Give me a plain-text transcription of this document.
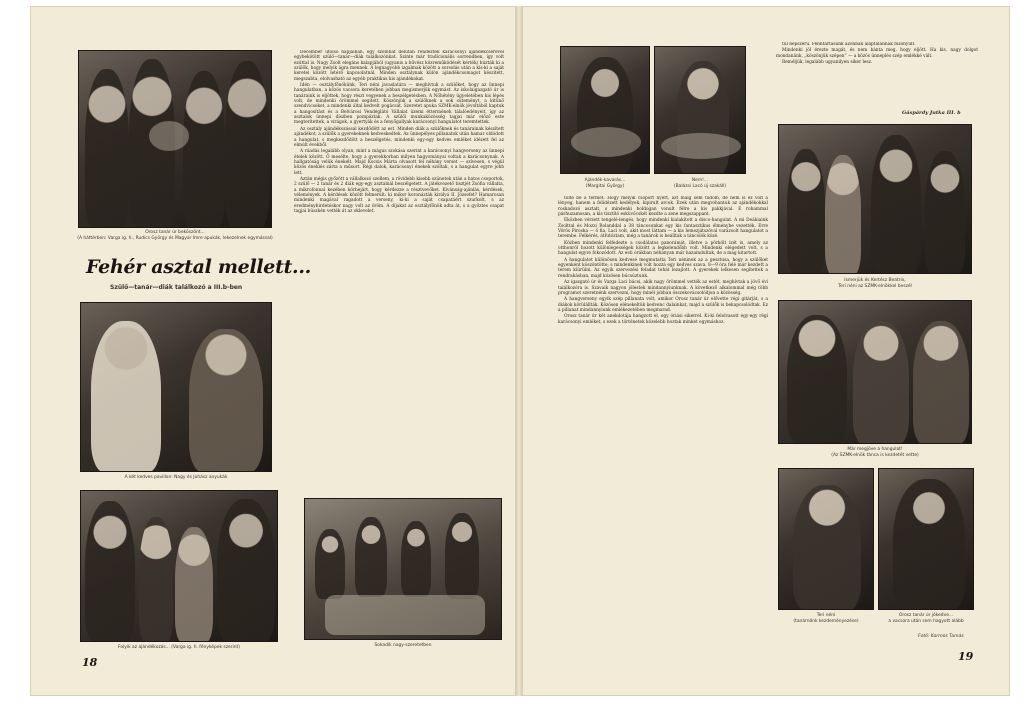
Orosz tanár úr beköszönt...
(A háttérben: Varga ig. h., Rudics György és Magyar Imre apukák, lekezelnek egymással)
Fehér asztal mellett...
Szülő—tanár—diák találkozó a III.b-ben
A két kedves pavillon: Nagy és Juhász anyukák
Folyik az ajándékozás... (Varga ig. h. fényképek szerint)	Sokadik nagy-szeretetben

December utolsó napjaiban, egy szombat délután rendezték karácsonyi ajándékcserével egybekötött szülő—tanár—diák találkozónkat. Szinte már tradícionális sorrendben, így volt ezúttal is. Nagy Zsolt elegáns kalapjából (ugyanis a bűvész közreműködését kérték) húzták ki a szülők, hogy melyik ágra mennek. A legnagyobb izgalmak között a sorsolás után a kis-ki a saját keretei között letérő kapcsolatnál. Minden osztálynak külön ajándékcsomagot készített, megszabta, elolvasható az egyéb praktikus kis ajándékokat.

Idén — osztályfőnökünk, Teri néni javaslatára — meghívtuk a szülőket, hogy az ünnepi hangulatban, a közös vacsora keretében jobban megismerjük egymást. Az iskolaigazgató úr is tanáraink is eljöttek, hogy részt vegyenek a beszélgetésben. A Nőhétény ügyeletében kis lépés volt, de mindenki örömmel segített. Köszönjük a szülőknek a sok süteményt, a kitűnő szendvicseket, a mindenki által kedvelt pogácsát. Szeretet apuka SZMK-elnök jóvoltából kaptuk a hangosítást és a Belvárosi Vendéglátó Vállalat üzemi éttermének tálalóedényeit, így az asztalok ünnepi díszben pompáztak. A szülői munkaközösség tagjai már előző este megterítettek, a virágok, a gyertyák és a fenyőgallyak karácsonyi hangulatot teremtettek.

Az osztály ajándékozással kezdődött az est. Minden diák a szülőknek és tanárainak készített ajándékot, a szülők a gyerekeknek kedveskedtek. Az ünnepélyes pillanatok után hamar oldódott a hangulat, s megkezdődött a beszélgetés, mindenki egy-egy kedves emléket idézett fel az elmúlt évekből.

A ráadás legalább olyan, mint a mágus szokása szerint a karácsonyi hangverseny az ünnepi ételek között. Ő mesélte, hogy a gyerekkorban milyen hagyományai voltak a karácsonynak. A hallgatóság velük énekelt. Majd Kocsis Márta olvasott fel néhány verset — szívesen, s végül közös éneklés zárta a műsort. Régi dalok, karácsonyi énekek szóltak, s a hangulat egyre jobb lett.

Aztán mégis győzött a vállalkozó szellem, a rövidebb kisebb szünetek után a hatos csoportok, 2 szülő — 2 tanár és 2 diák egy-egy asztalnál beszélgetett. A játékvezető tisztjét Zsófia vállalta, a mikrofonnal kezében körbejárt, hogy kérdezze a résztvevőket. Kívánság-ajánlás, kérdések, vélemények. A kérdések között felmerült: ki mikor koronázták királyá II. Józsefet? Hamarosan mindenki magával ragadott a verseny, ki-ki a saját csapatáért szurkolt, s az eredményhirdetéskor nagy volt az öröm. A díjakat az osztályfőnök adta át, s a győztes csapat tagjai büszkén vették át az oklevelet.

18
Ajándék-kavarás...
(Margitai György)
Nem!...
(Balázsi Lacó új szakáll)

túl népszerű. Fenntartásunk azonban alaptalannak bizonyult.

Mindenki jól érezte magát, és nem bánta meg, hogy eljött. Ha kis, nagy dolgot mondanánk, „köszönjük szépen” — a közös ünneplés szép emlékké vált.

Reméljük, legalább ugyanilyen siker lesz.

Gáspárdy Jutka III. b
Ismerjük és Kertész Beatrix,
Teri néni az SZMK-elnökkel beszél
Már megjöve a hangulat!
(Az SZMK-elnök tánca is kezdetét vette)
Teri néni
(tanárnőnk kezdeményezése)
Orosz tanár úr jókedve...
a vacsora után sem hagyott alább
Fotó: Kormos Tamás

tölte be a termet. Hogy melyik csoport nyert, azt máig sem tudom, de nem is ez volt a lényeg, hanem a felidézett kedélyek, kipirult arcok. Ezek után megrohantuk az ajándékokkal roskadozó asztalt, s mindenki boldogan vonult félre a kis pakkjával. E rohammal párhuzamosan, a kis tisztító esküvőcskét kezdte a zene megszappant.

Eközben vérzett tengelé-lengés, hogy mindenki kialakított a disco-hangulat. A mi Deákiaink Zsolttal és Mozzi Rolanddal a 38 táncosunkat egy kis fantasztikus élménybe vezették. Erre Vörös Piroska — ő fia, Laci volt, akit most láttam — a kis lemezjátszóval varázsolt hangulatot a terembe. Felkérés, átfutóztam, még a tanárok is beálltak a táncolók közé.

Közben mindenki felfedezte a csodálatos panorámát, illetve a pörkölt ízét is, amely az otthonról hozott különlegességek között a legkelendőbb volt. Mindenki elégedett volt, s a hangulat egyre fokozódott. Az esti órákban néhányan már hazaindultak, de a mag kitartott.

A hangulatot különösen kedvesé megmutatta Teri néninek az a gesztusa, hogy a szülőket egyenként köszöntötte, s mindenkinek volt hozzá egy kedves szava. 8—9 óra felé már kezdett a terem kiürülni. Az egyik szervezési feladat tehát lezajlott. A gyerekek lelkesen segítettek a rendrakásban, majd közösen búcsúztunk.

Az igazgató úr és Varga Laci bácsi, akik nagy örömmel vették az estét, meghívtak a jövő évi találkozóra is. Szavaik nagyon jólestek mindannyiunknak. A következő alkalommal még több programot szeretnénk szervezni, hogy minél jobban összekovácsolódjon a közösség.

A hangverseny egyik szép pillanata volt, amikor Orosz tanár úr elővette régi gitárját, s a diákok körülállták. Közösen elénekeltük kedvenc dalainkat, majd a szülők is bekapcsolódtak. Ez a pillanat mindannyiunk emlékezetében megmarad.

Orosz tanár úr két anekdotája hangzott el, egy óriási sikerrel. Ki-ki felolvasott egy-egy régi karácsonyi emléket, s ezek a történetek közelebb hoztak minket egymáshoz.

19
